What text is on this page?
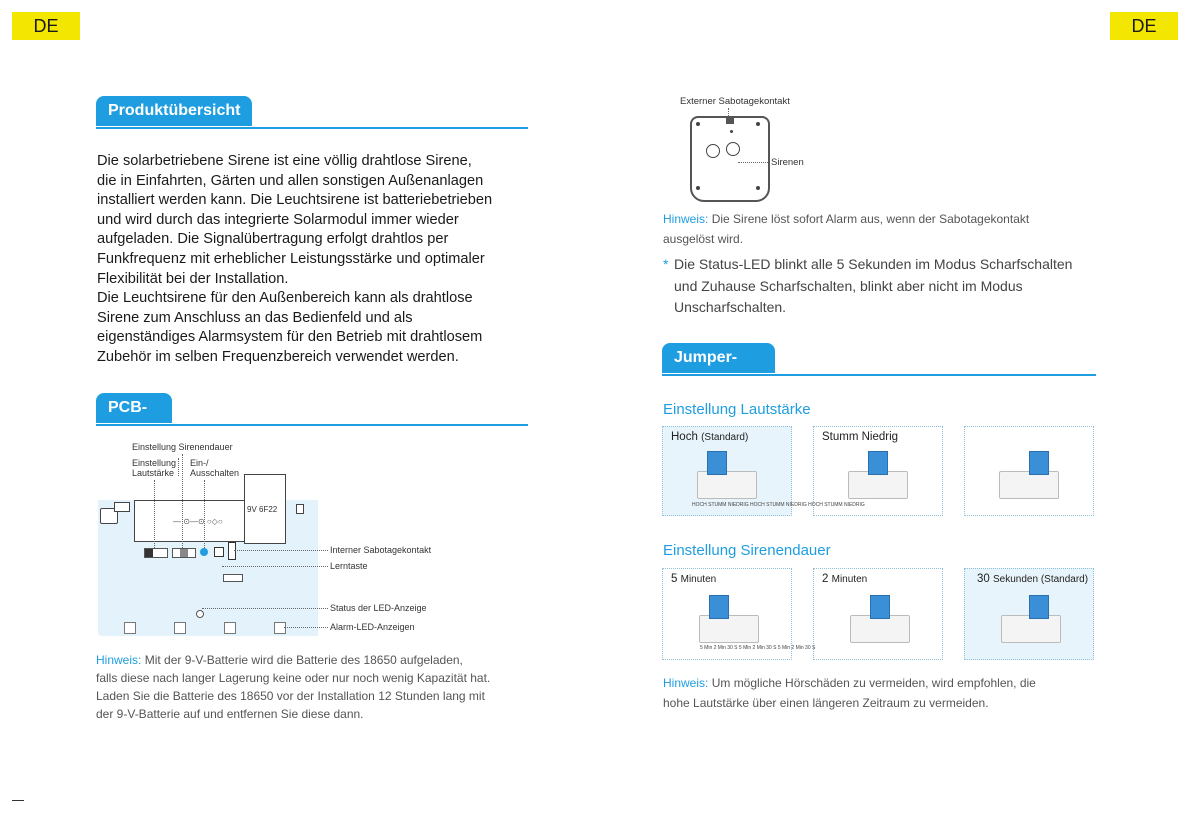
DE	DE
Produktübersicht
Die solarbetriebene Sirene ist eine völlig drahtlose Sirene,
die in Einfahrten, Gärten und allen sonstigen Außenanlagen
installiert werden kann. Die Leuchtsirene ist batteriebetrieben
und wird durch das integrierte Solarmodul immer wieder
aufgeladen. Die Signalübertragung erfolgt drahtlos per
Funkfrequenz mit erheblicher Leistungsstärke und optimaler
Flexibilität bei der Installation.
Die Leuchtsirene für den Außenbereich kann als drahtlose
Sirene zum Anschluss an das Bedienfeld und als
eigenständiges Alarmsystem für den Betrieb mit drahtlosem
Zubehör im selben Frequenzbereich verwendet werden.
PCB-Layout
— ⊙—⊙ ○◇○
9V 6F22
Einstellung Sirenendauer
Einstellung
Lautstärke
Ein-/
Ausschalten
Interner Sabotagekontakt
Lerntaste
Status der LED-Anzeige
Alarm-LED-Anzeigen
Hinweis: Mit der 9-V-Batterie wird die Batterie des 18650 aufgeladen,
falls diese nach langer Lagerung keine oder nur noch wenig Kapazität hat.
Laden Sie die Batterie des 18650 vor der Installation 12 Stunden lang mit
der 9-V-Batterie auf und entfernen Sie diese dann.
Externer Sabotagekontakt
Sirenen
Hinweis: Die Sirene löst sofort Alarm aus, wenn der Sabotagekontakt
ausgelöst wird.
* Die Status-LED blinkt alle 5 Sekunden im Modus Scharfschalten
und Zuhause Scharfschalten, blinkt aber nicht im Modus
Unscharfschalten.
Jumper-Einrichtung
Einstellung Lautstärke
Hoch (Standard)	Stumm Niedrig
HOCH STUMM NIEDRIG HOCH STUMM NIEDRIG HOCH STUMM NIEDRIG
Einstellung Sirenendauer
5 Minuten	2 Minuten	30 Sekunden (Standard)
5 Min 2 Min 30 S 5 Min 2 Min 30 S 5 Min 2 Min 30 S
Hinweis: Um mögliche Hörschäden zu vermeiden, wird empfohlen, die
hohe Lautstärke über einen längeren Zeitraum zu vermeiden.
